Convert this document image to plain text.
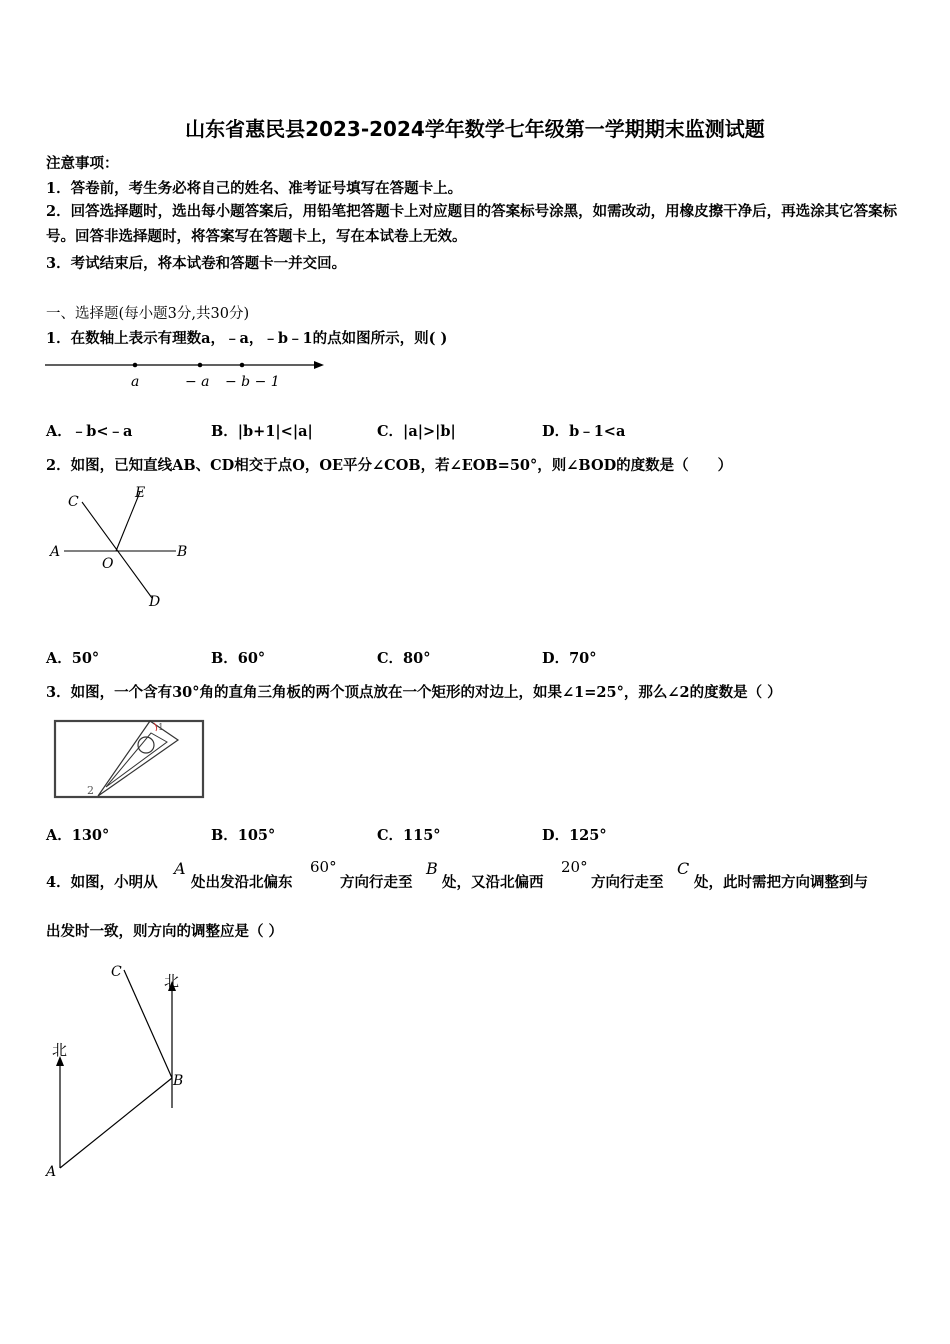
山东省惠民县2023-2024学年数学七年级第一学期期末监测试题
注意事项：
1．答卷前，考生务必将自己的姓名、准考证号填写在答题卡上。
2．回答选择题时，选出每小题答案后，用铅笔把答题卡上对应题目的答案标号涂黑，如需改动，用橡皮擦干净后，再选涂其它答案标号。回答非选择题时，将答案写在答题卡上，写在本试卷上无效。
3．考试结束后，将本试卷和答题卡一并交回。
一、选择题(每小题3分,共30分)
1．在数轴上表示有理数a，﹣a，﹣b﹣1的点如图所示，则( )
a	− a − b − 1
A．﹣b<﹣a	B．|b+1|<|a|	C．|a|>|b|	D．b﹣1<a
2．如图，已知直线AB、CD相交于点O，OE平分∠COB，若∠EOB=50°，则∠BOD的度数是（　　）
C
E
A
O
B
D
A．50°	B．60°	C．80°	D．70°
3．如图，一个含有30°角的直角三角板的两个顶点放在一个矩形的对边上，如果∠1=25°，那么∠2的度数是（ ）
1
2
A．130°	B．105°	C．115°	D．125°
4．如图，小明从
A
处出发沿北偏东
60°
方向行走至
B
处，又沿北偏西
20°
方向行走至
C
处，此时需把方向调整到与
出发时一致，则方向的调整应是（ ）
C	北
北
B
A
